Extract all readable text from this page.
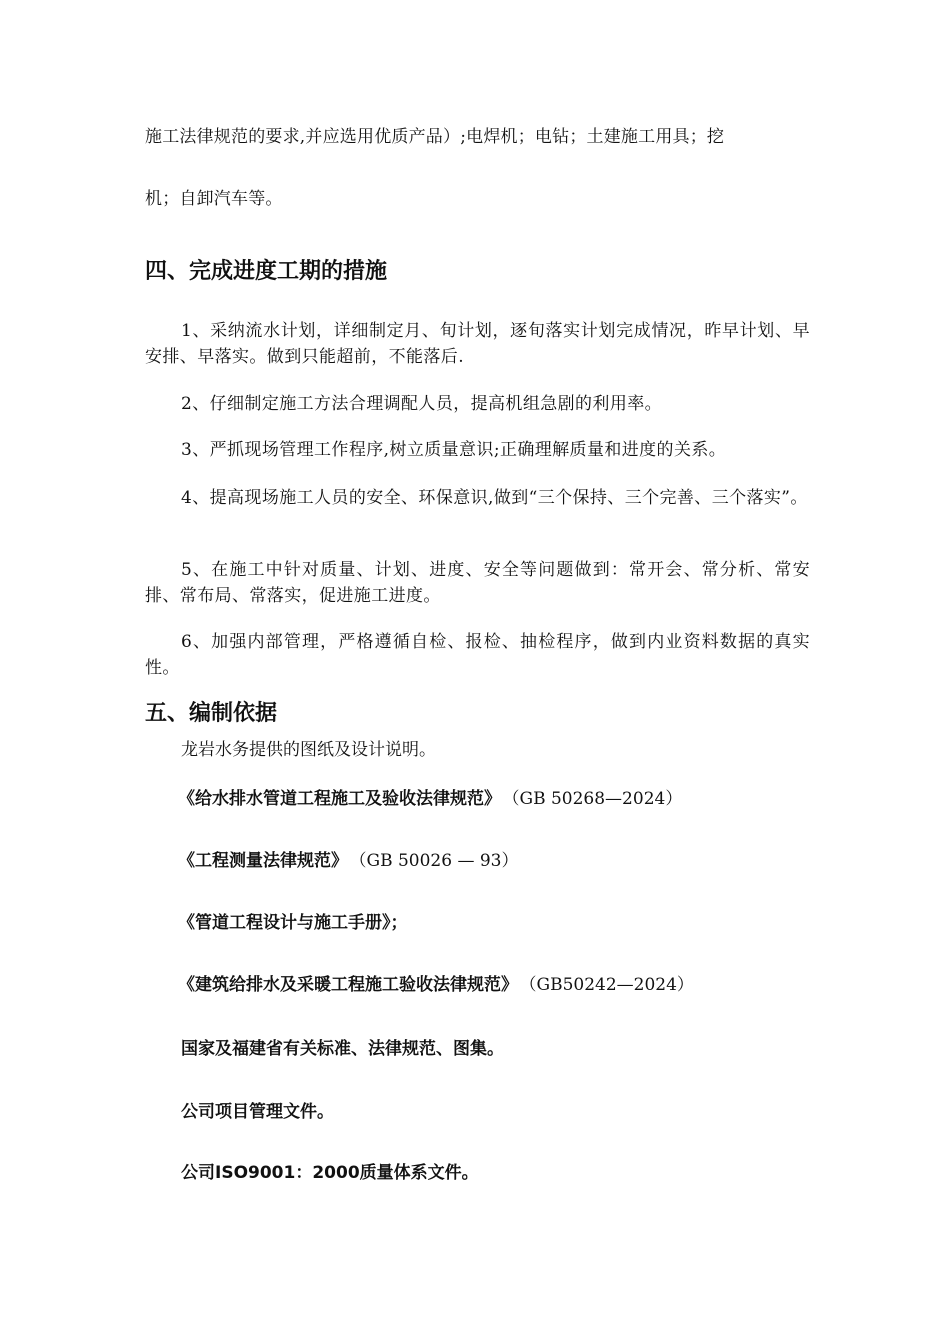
施工法律规范的要求,并应选用优质产品）;电焊机；电钻；土建施工用具；挖
机；自卸汽车等。
四、完成进度工期的措施
1、采纳流水计划，详细制定月、旬计划，逐旬落实计划完成情况，昨早计划、早安排、早落实。做到只能超前，不能落后.
2、仔细制定施工方法合理调配人员，提高机组急剧的利用率。
3、严抓现场管理工作程序,树立质量意识;正确理解质量和进度的关系。
4、提高现场施工人员的安全、环保意识,做到“三个保持、三个完善、三个落实”。
5、在施工中针对质量、计划、进度、安全等问题做到：常开会、常分析、常安排、常布局、常落实，促进施工进度。
6、加强内部管理，严格遵循自检、报检、抽检程序，做到内业资料数据的真实性。
五、编制依据
龙岩水务提供的图纸及设计说明。
《给水排水管道工程施工及验收法律规范》 （GB 50268—2024）
《工程测量法律规范》 （GB 50026 — 93）
《管道工程设计与施工手册》；
《建筑给排水及采暖工程施工验收法律规范》 （GB50242—2024）
国家及福建省有关标准、法律规范、图集。
公司项目管理文件。
公司ISO9001：2000质量体系文件。
